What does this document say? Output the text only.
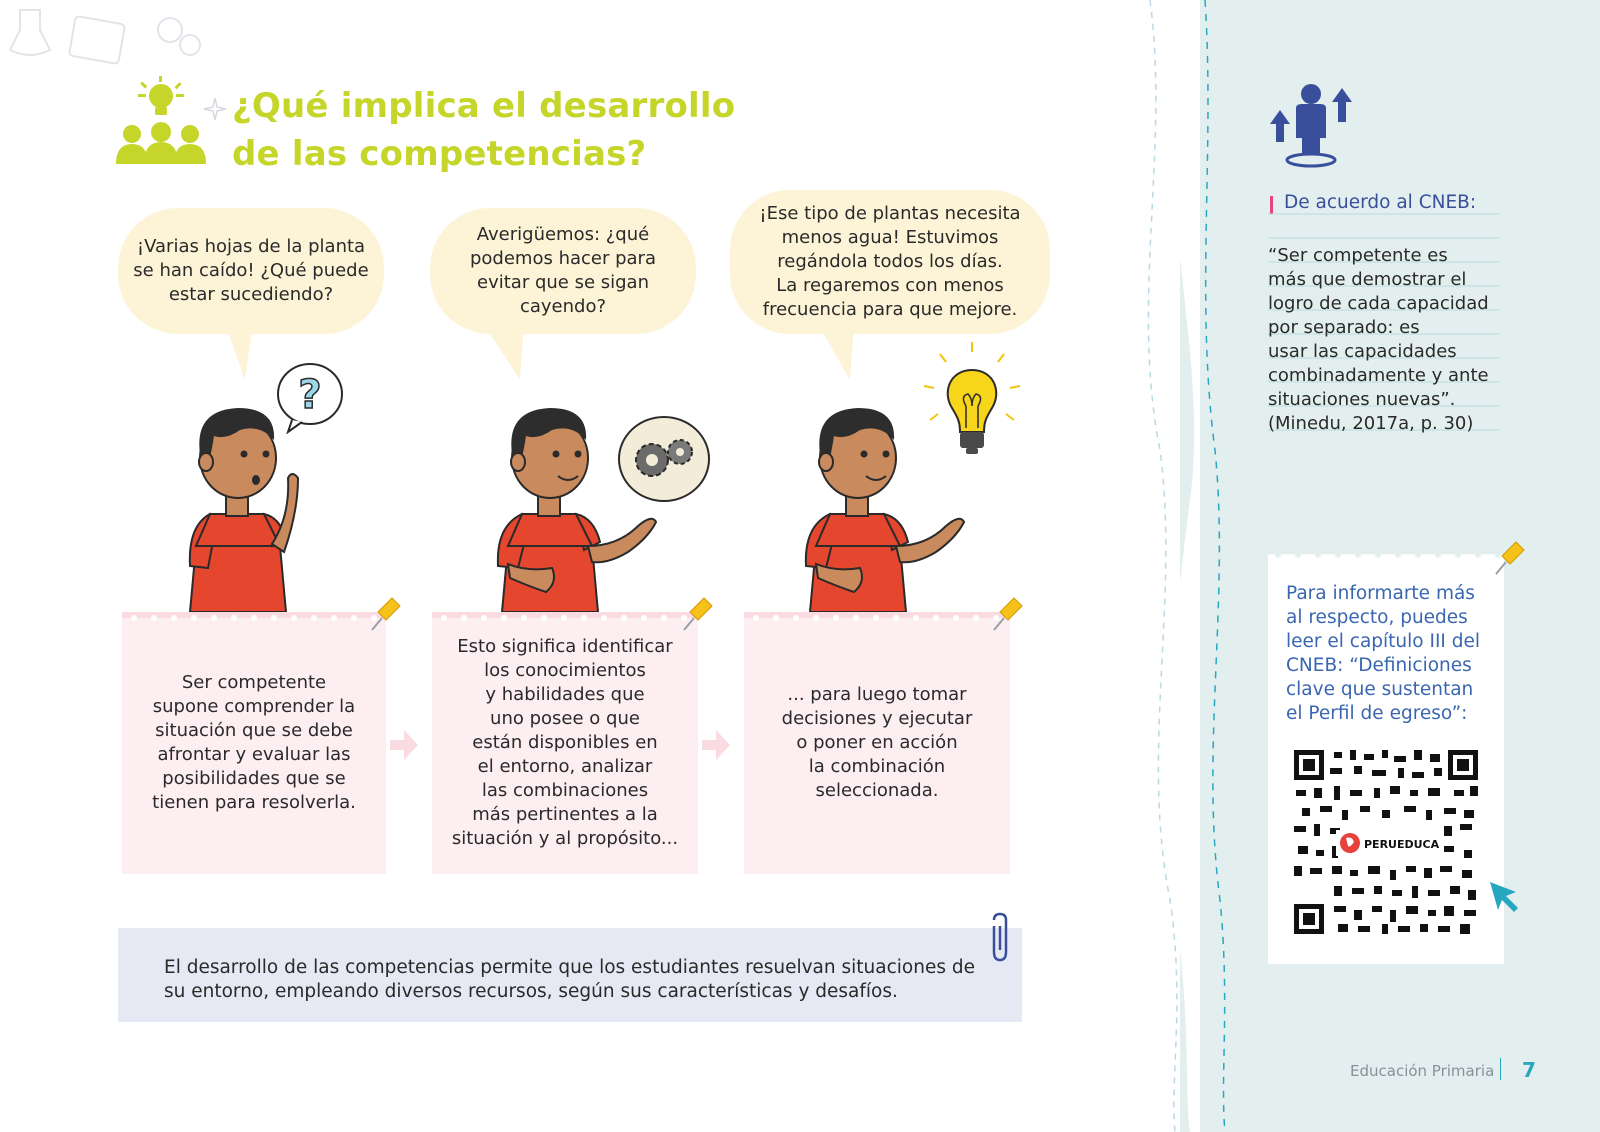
¿Qué implica el desarrollo
de las competencias?
¡Varias hojas de la planta
se han caído! ¿Qué puede
estar sucediendo?
Averigüemos: ¿qué
podemos hacer para
evitar que se sigan
cayendo?
¡Ese tipo de plantas necesita
menos agua! Estuvimos
regándola todos los días.
La regaremos con menos
frecuencia para que mejore.
?
Ser competente
supone comprender la
situación que se debe
afrontar y evaluar las
posibilidades que se
tienen para resolverla.
Esto significa identificar
los conocimientos
y habilidades que
uno posee o que
están disponibles en
el entorno, analizar
las combinaciones
más pertinentes a la
situación y al propósito...
... para luego tomar
decisiones y ejecutar
o poner en acción
la combinación
seleccionada.
El desarrollo de las competencias permite que los estudiantes resuelvan situaciones de
su entorno, empleando diversos recursos, según sus características y desafíos.
De acuerdo al CNEB:
“Ser competente es
más que demostrar el
logro de cada capacidad
por separado: es
usar las capacidades
combinadamente y ante
situaciones nuevas”.
(Minedu, 2017a, p. 30)
Para informarte más
al respecto, puedes
leer el capítulo III del
CNEB: “Definiciones
clave que sustentan
el Perfil de egreso”:
PERUEDUCA
Educación Primaria 7
